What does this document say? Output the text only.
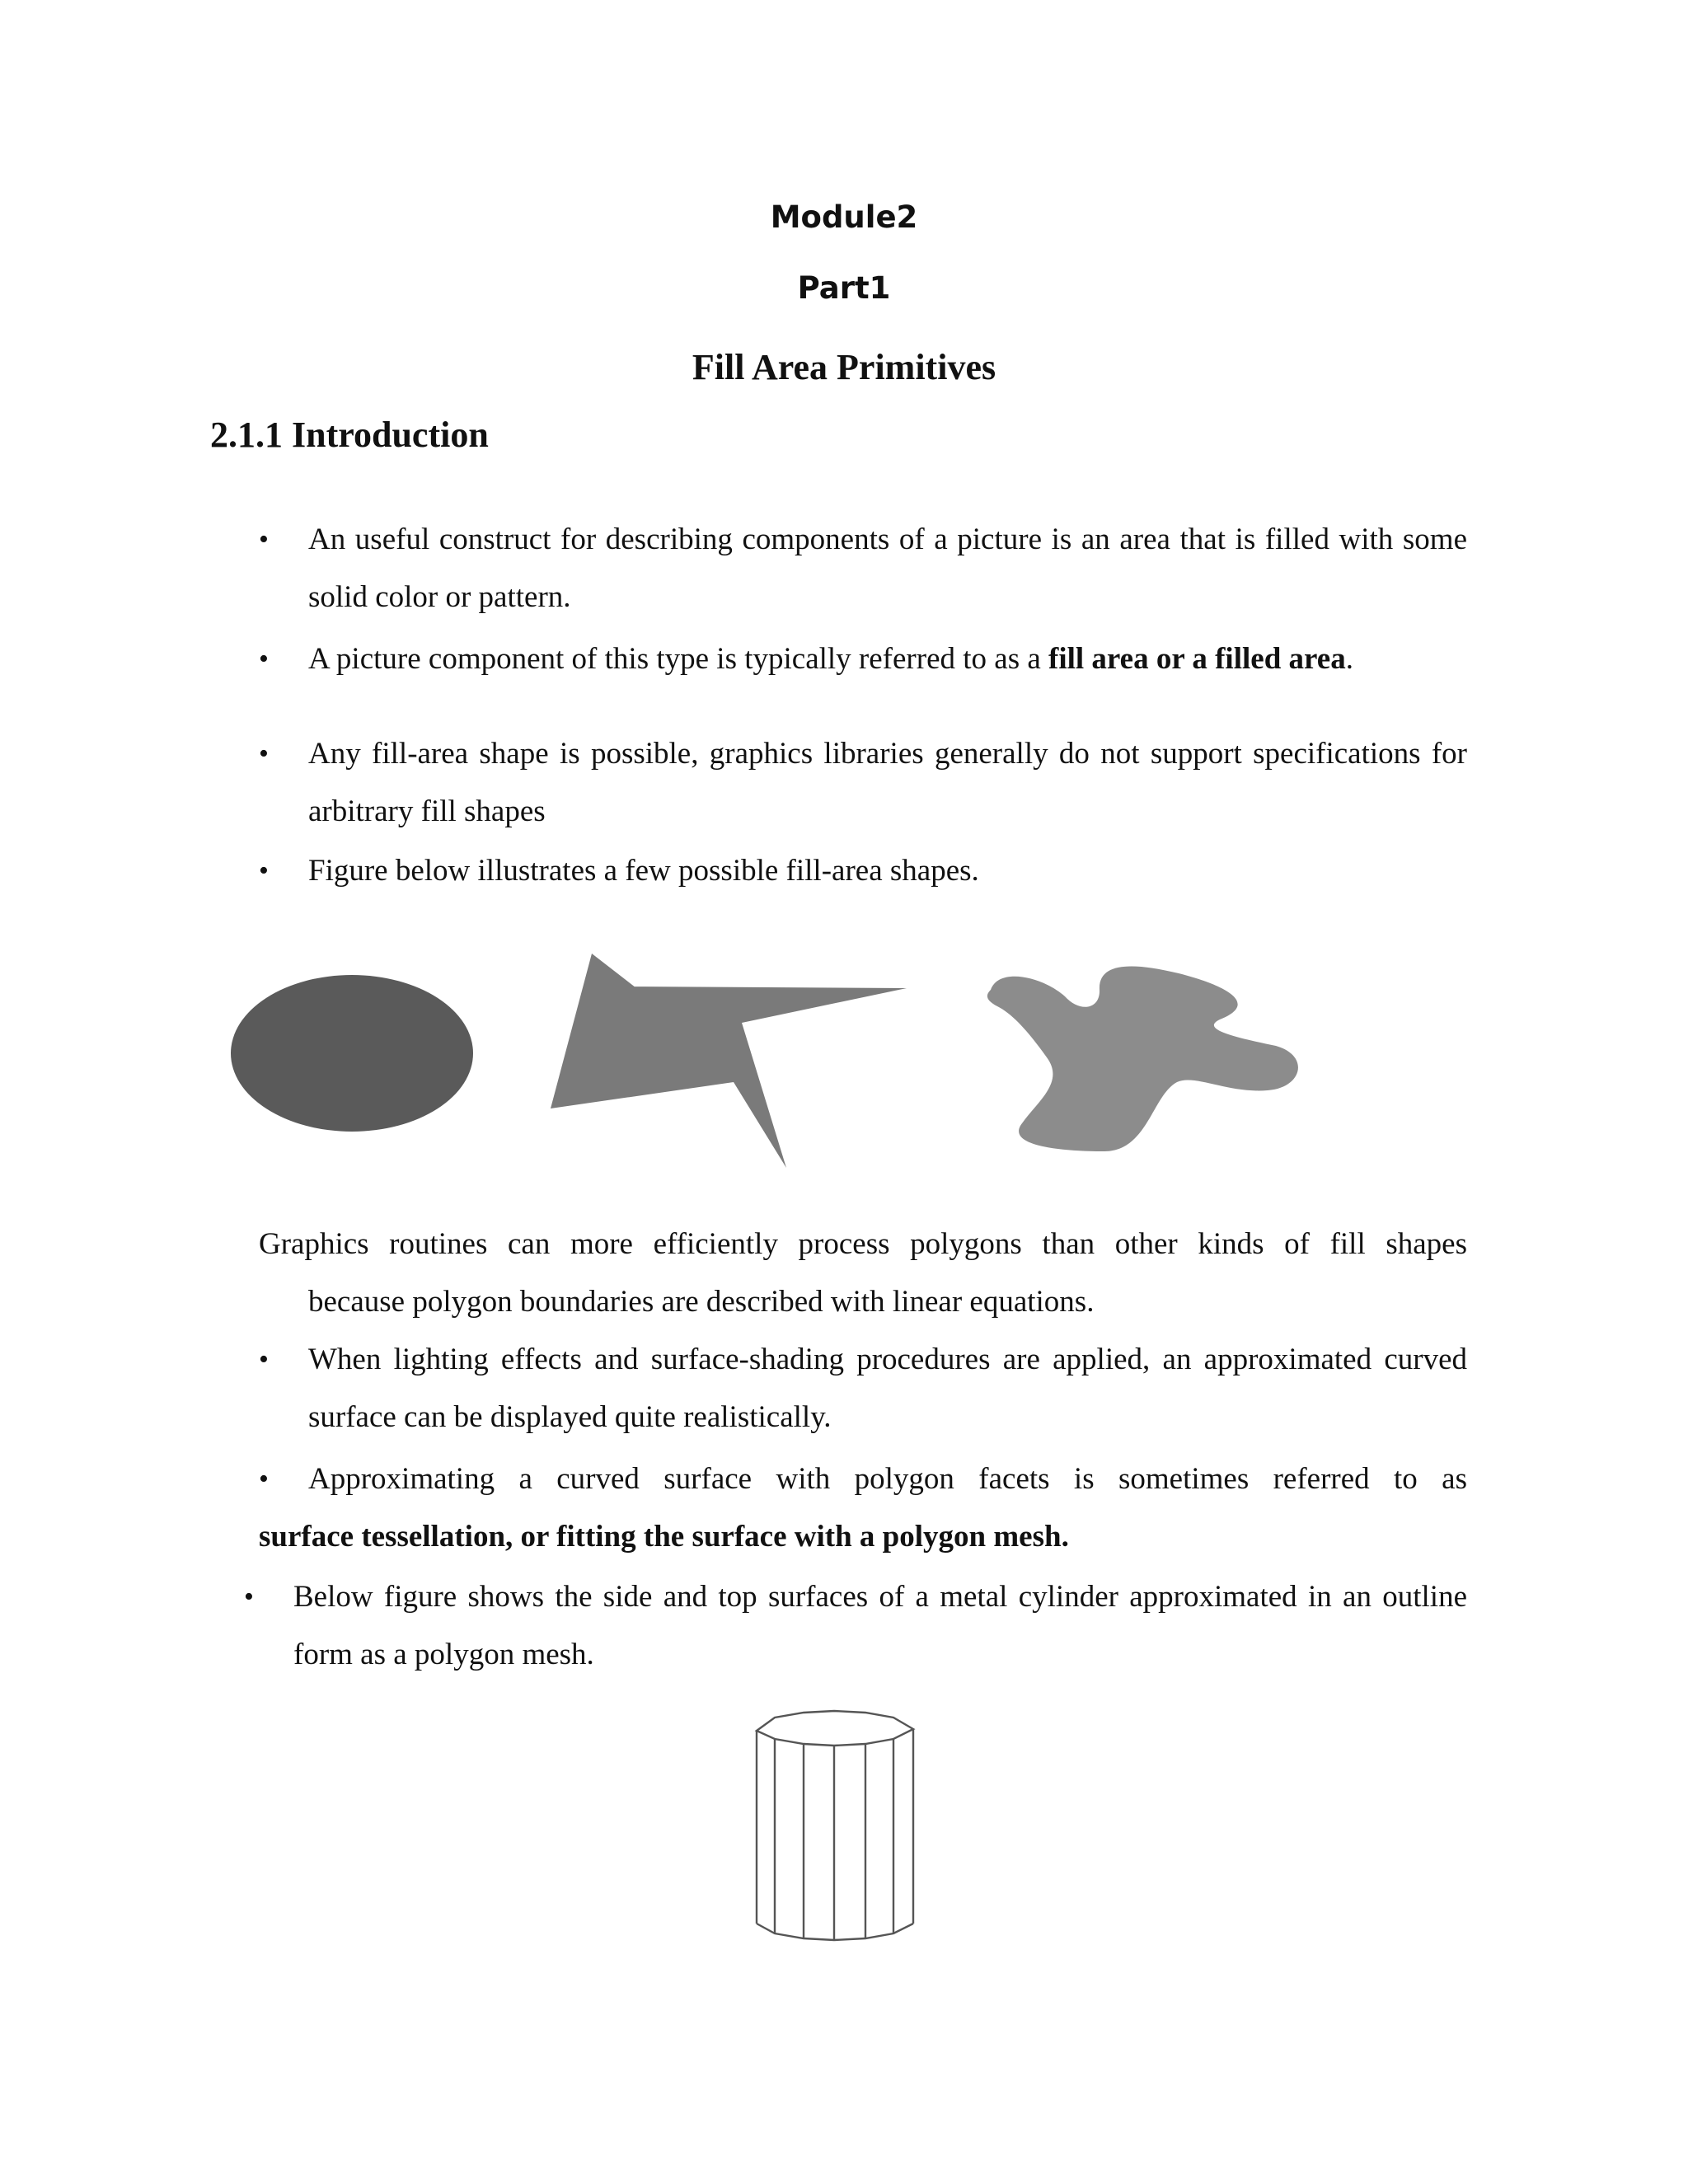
Module2
Part1
Fill Area Primitives
2.1.1 Introduction
•	An useful construct for describing components of a picture is an area that is filled with some solid color or pattern.
•	A picture component of this type is typically referred to as a fill area or a filled area.
•	Any fill-area shape is possible, graphics libraries generally do not support specifications for arbitrary fill shapes
•	Figure below illustrates a few possible fill-area shapes.
Graphics routines can more efficiently process polygons than other kinds of fill shapes
because polygon boundaries are described with linear equations.
•	When lighting effects and surface-shading procedures are applied, an approximated curved surface can be displayed quite realistically.
•	Approximating a curved surface with polygon facets is sometimes referred to as
surface tessellation, or fitting the surface with a polygon mesh.
•	Below figure shows the side and top surfaces of a metal cylinder approximated in an outline form as a polygon mesh.
